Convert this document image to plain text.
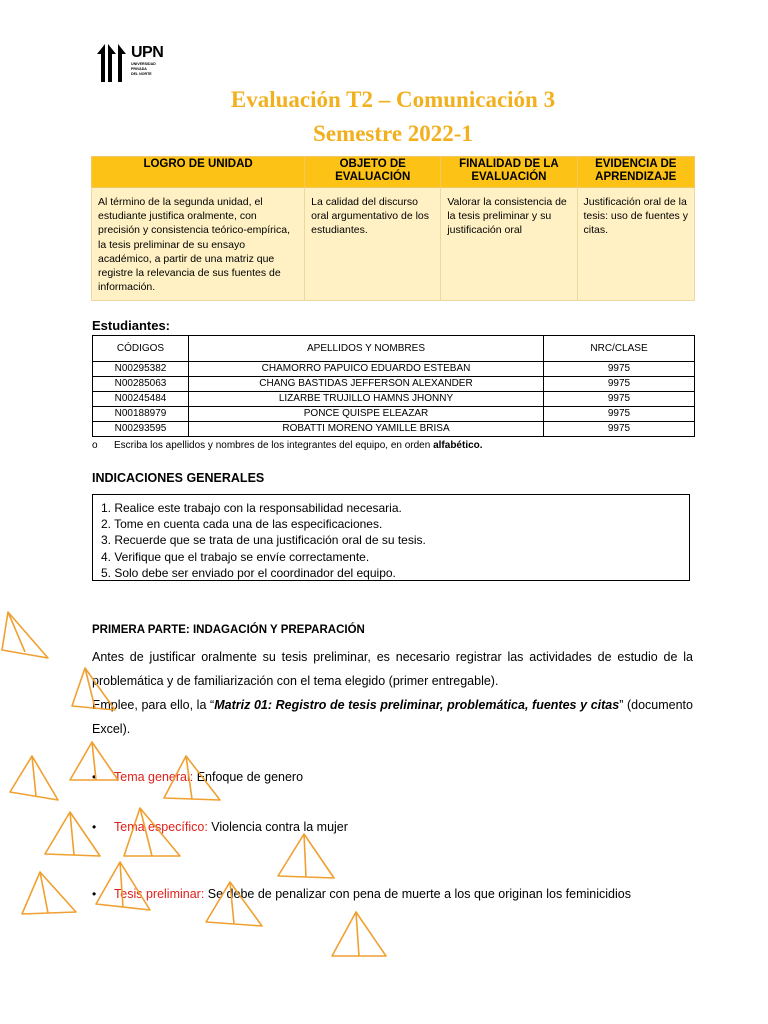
UPN
UNIVERSIDAD
PRIVADA
DEL NORTE
Evaluación T2 – Comunicación 3
Semestre 2022-1
LOGRO DE UNIDAD	OBJETO DE EVALUACIÓN	FINALIDAD DE LA EVALUACIÓN	EVIDENCIA DE APRENDIZAJE
Al término de la segunda unidad, el estudiante justifica oralmente, con precisión y consistencia teórico-empírica, la tesis preliminar de su ensayo académico, a partir de una matriz que registre la relevancia de sus fuentes de información.	La calidad del discurso oral argumentativo de los estudiantes.	Valorar la consistencia de la tesis preliminar y su justificación oral	Justificación oral de la tesis: uso de fuentes y citas.
Estudiantes:
CÓDIGOS	APELLIDOS Y NOMBRES	NRC/CLASE
N00295382	CHAMORRO PAPUICO EDUARDO ESTEBAN	9975
N00285063	CHANG BASTIDAS JEFFERSON ALEXANDER	9975
N00245484	LIZARBE TRUJILLO HAMNS JHONNY	9975
N00188979	PONCE QUISPE ELEAZAR	9975
N00293595	ROBATTI MORENO YAMILLE BRISA	9975
o Escriba los apellidos y nombres de los integrantes del equipo, en orden alfabético.
INDICACIONES GENERALES
1. Realice este trabajo con la responsabilidad necesaria.
2. Tome en cuenta cada una de las especificaciones.
3. Recuerde que se trata de una justificación oral de su tesis.
4. Verifique que el trabajo se envíe correctamente.
5. Solo debe ser enviado por el coordinador del equipo.
PRIMERA PARTE: INDAGACIÓN Y PREPARACIÓN
Antes de justificar oralmente su tesis preliminar, es necesario registrar las actividades de estudio de la problemática y de familiarización con el tema elegido (primer entregable).
Emplee, para ello, la “Matriz 01: Registro de tesis preliminar, problemática, fuentes y citas” (documento Excel).
• Tema general: Enfoque de genero
• Tema específico: Violencia contra la mujer
• Tesis preliminar: Se debe de penalizar con pena de muerte a los que originan los feminicidios
